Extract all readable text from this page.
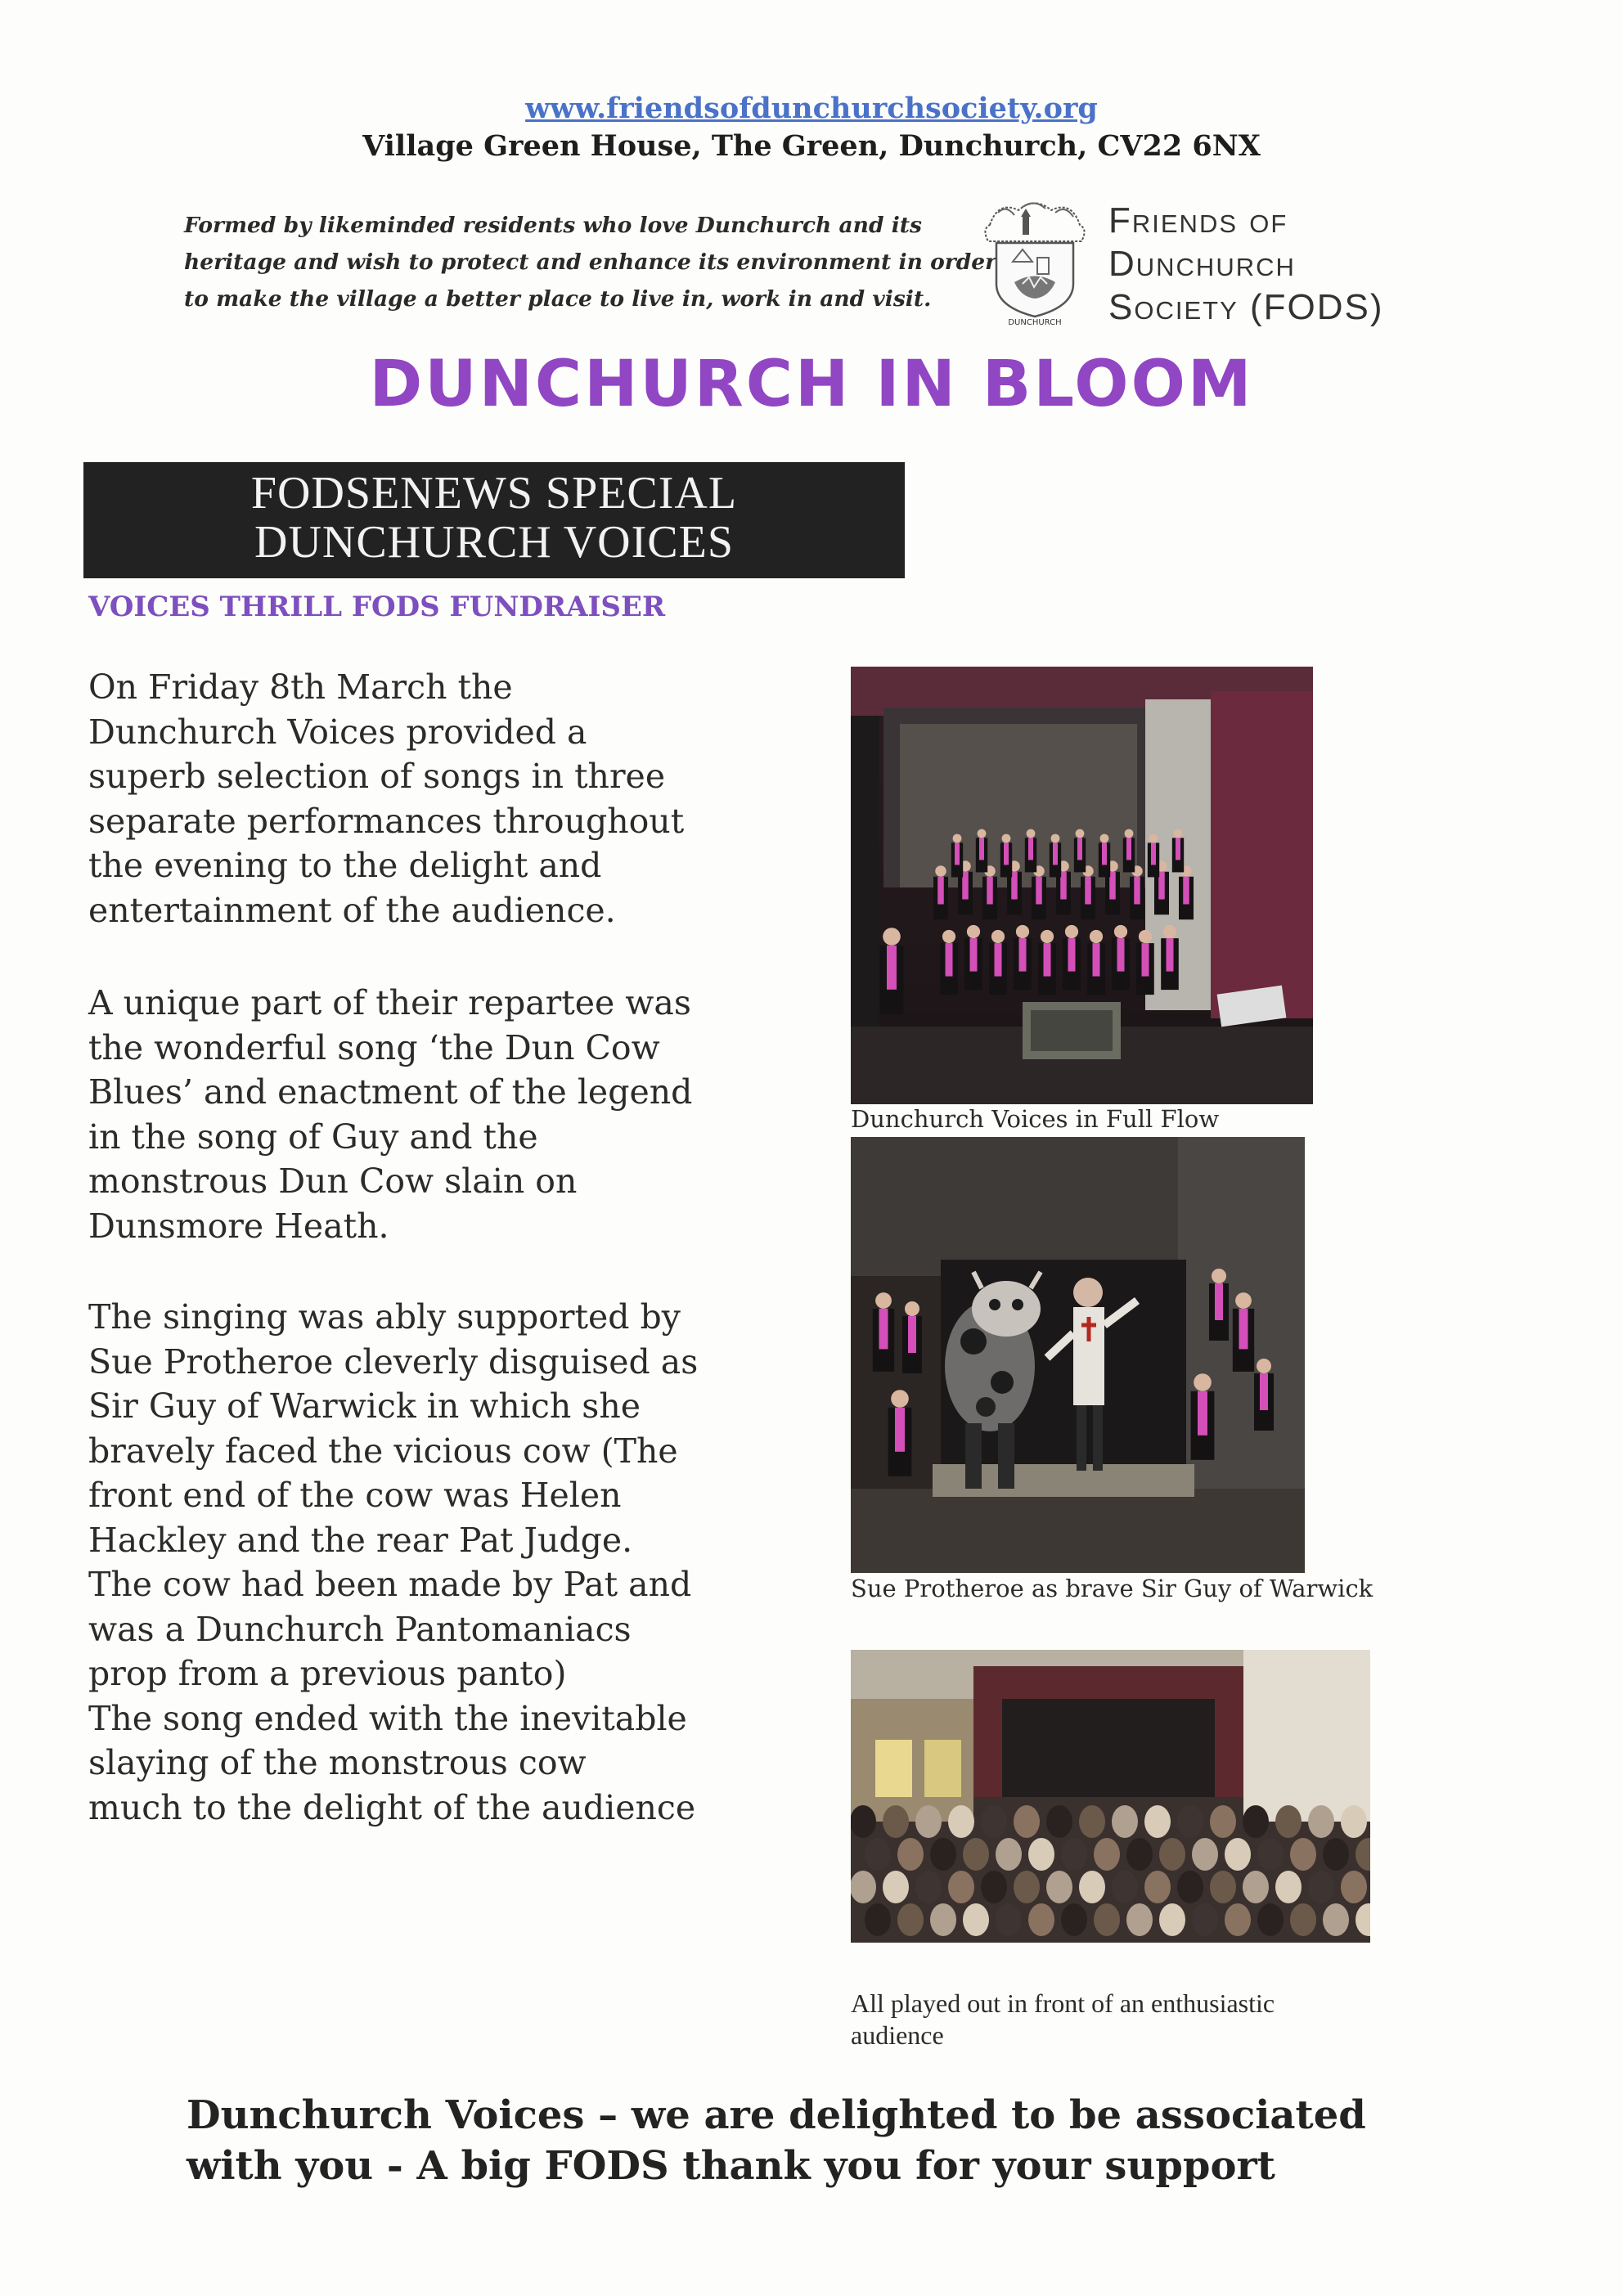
www.friendsofdunchurchsociety.org
Village Green House, The Green, Dunchurch, CV22 6NX
Formed by likeminded residents who love Dunchurch and its
heritage and wish to protect and enhance its environment in order
to make the village a better place to live in, work in and visit.
DUNCHURCH
Friends of
Dunchurch
Society (FODS)
DUNCHURCH IN BLOOM
FODSENEWS SPECIAL
DUNCHURCH VOICES
VOICES THRILL FODS FUNDRAISER
On Friday 8th March the
Dunchurch Voices provided a
superb selection of songs in three
separate performances throughout
the evening to the delight and
entertainment of the audience.
A unique part of their repartee was
the wonderful song ‘the Dun Cow
Blues’ and enactment of the legend
in the song of Guy and the
monstrous Dun Cow slain on
Dunsmore Heath.
The singing was ably supported by
Sue Protheroe cleverly disguised as
Sir Guy of Warwick in which she
bravely faced the vicious cow (The
front end of the cow was Helen
Hackley and the rear Pat Judge.
The cow had been made by Pat and
was a Dunchurch Pantomaniacs
prop from a previous panto)
The song ended with the inevitable
slaying of the monstrous cow
much to the delight of the audience
Dunchurch Voices in Full Flow
Sue Protheroe as brave Sir Guy of Warwick
All played out in front of an enthusiastic
audience
Dunchurch Voices – we are delighted to be associated
with you - A big FODS thank you for your support
